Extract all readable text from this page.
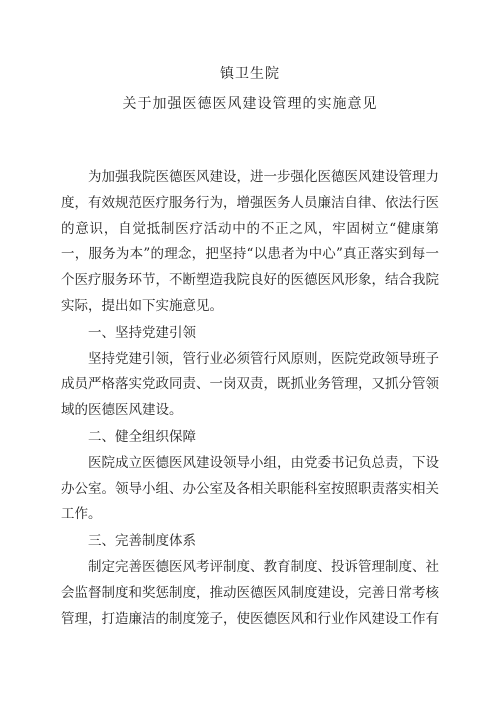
镇卫生院
关于加强医德医风建设管理的实施意见

为加强我院医德医风建设，进一步强化医德医风建设管理力度，有效规范医疗服务行为，增强医务人员廉洁自律、依法行医的意识，自觉抵制医疗活动中的不正之风，牢固树立“健康第一，服务为本”的理念，把坚持“以患者为中心”真正落实到每一个医疗服务环节，不断塑造我院良好的医德医风形象，结合我院实际，提出如下实施意见。

一、坚持党建引领

坚持党建引领，管行业必须管行风原则，医院党政领导班子成员严格落实党政同责、一岗双责，既抓业务管理，又抓分管领域的医德医风建设。

二、健全组织保障

医院成立医德医风建设领导小组，由党委书记负总责，下设办公室。领导小组、办公室及各相关职能科室按照职责落实相关工作。

三、完善制度体系

制定完善医德医风考评制度、教育制度、投诉管理制度、社会监督制度和奖惩制度，推动医德医风制度建设，完善日常考核管理，打造廉洁的制度笼子，使医德医风和行业作风建设工作有
